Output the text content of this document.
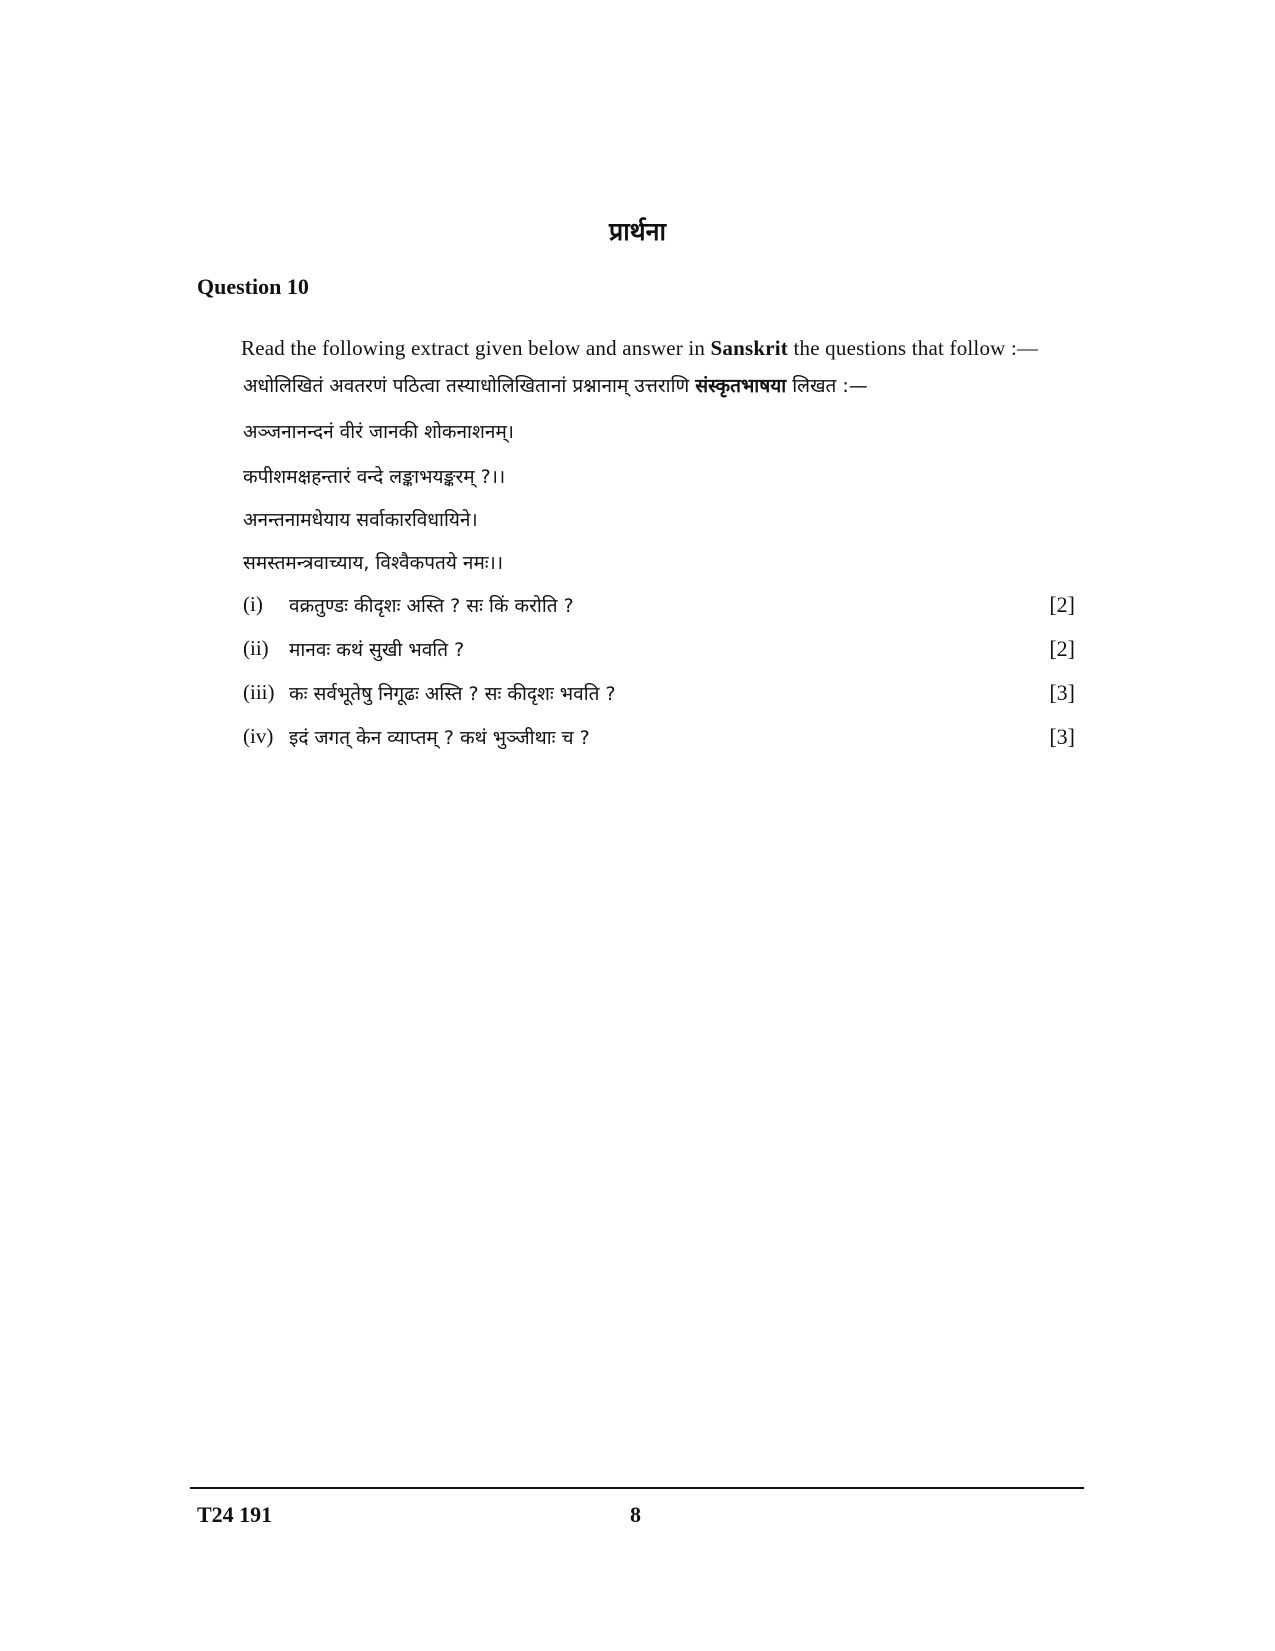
प्रार्थना
Question 10
Read the following extract given below and answer in Sanskrit the questions that follow :—
अधोलिखितं अवतरणं पठित्वा तस्याधोलिखितानां प्रश्नानाम् उत्तराणि संस्कृतभाषया लिखत :—
अञ्जनानन्दनं वीरं जानकी शोकनाशनम्।
कपीशमक्षहन्तारं वन्दे लङ्काभयङ्करम् ?।।
अनन्तनामधेयाय सर्वाकारविधायिने।
समस्तमन्त्रवाच्याय, विश्वैकपतये नमः।।
(i) वक्रतुण्डः कीदृशः अस्ति ? सः किं करोति ?	[2]
(ii) मानवः कथं सुखी भवति ?	[2]
(iii) कः सर्वभूतेषु निगूढः अस्ति ? सः कीदृशः भवति ?	[3]
(iv) इदं जगत् केन व्याप्तम् ? कथं भुञ्जीथाः च ?	[3]
T24 191	8
